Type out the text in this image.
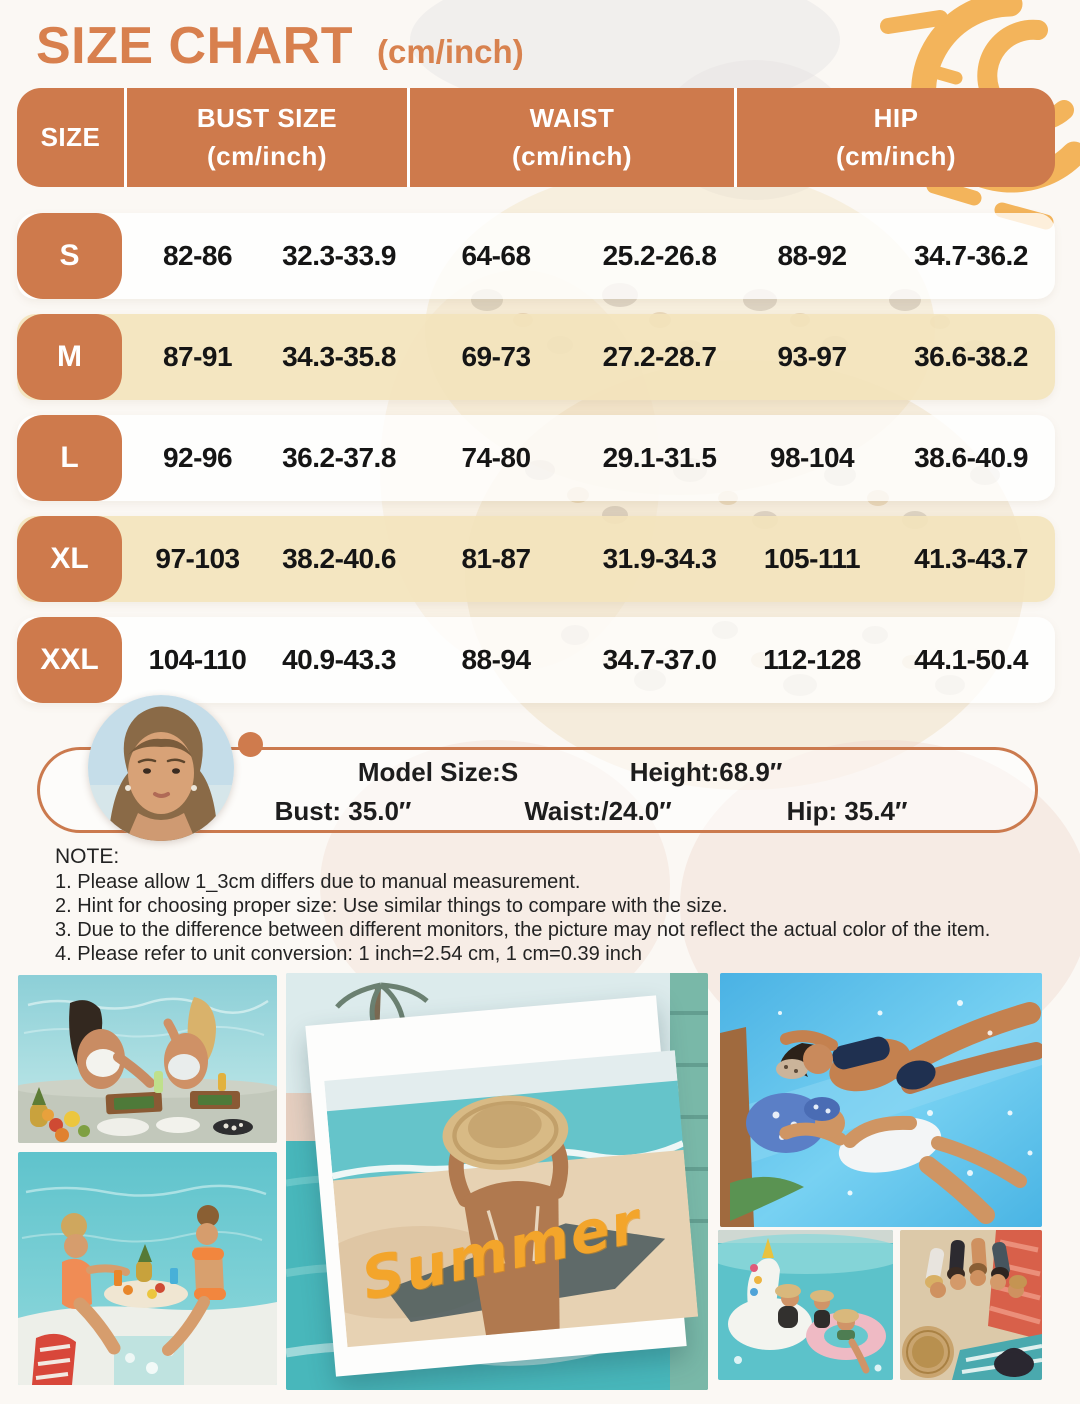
SIZE CHART (cm/inch)
SIZE
BUST SIZE
(cm/inch)
WAIST
(cm/inch)
HIP
(cm/inch)
S	82-86	32.3-33.9	64-68	25.2-26.8	88-92	34.7-36.2
M	87-91	34.3-35.8	69-73	27.2-28.7	93-97	36.6-38.2
L	92-96	36.2-37.8	74-80	29.1-31.5	98-104	38.6-40.9
XL	97-103	38.2-40.6	81-87	31.9-34.3	105-111	41.3-43.7
XXL	104-110	40.9-43.3	88-94	34.7-37.0	112-128	44.1-50.4
Model Size:S	Height:68.9″
Bust: 35.0″	Waist:/24.0″	Hip: 35.4″
NOTE:

1. Please allow 1_3cm differs due to manual measurement.

2. Hint for choosing proper size: Use similar things to compare with the size.

3. Due to the difference between different monitors, the picture may not reflect the actual color of the item.

4. Please refer to unit conversion: 1 inch=2.54 cm, 1 cm=0.39 inch

Summer
